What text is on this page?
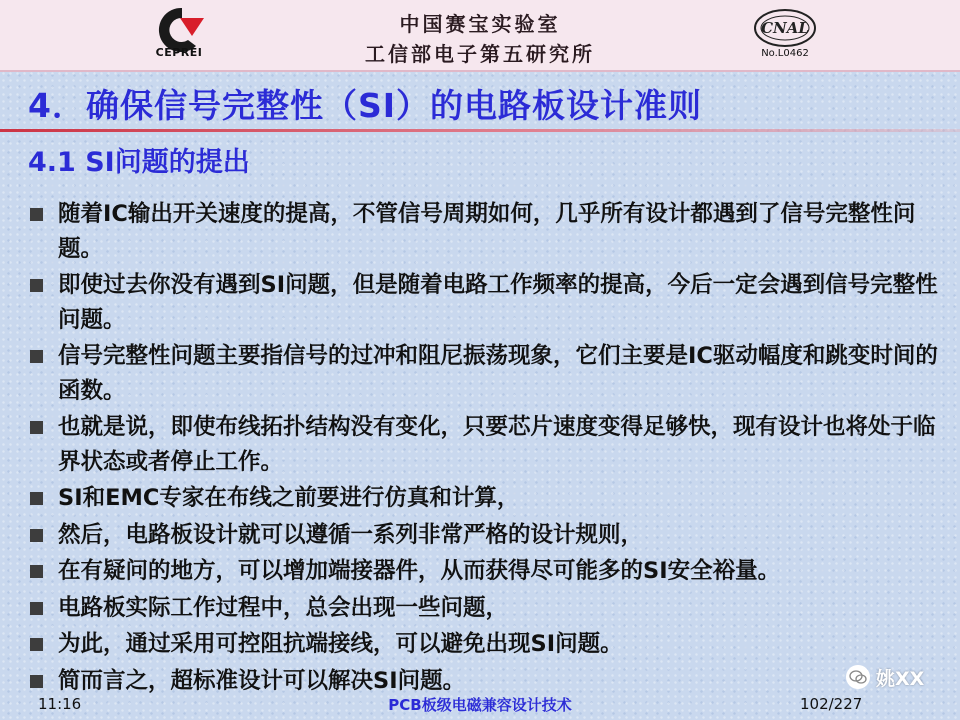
CEPREI
中国赛宝实验室
工信部电子第五研究所
CNAL
No.L0462
4．确保信号完整性（SI）的电路板设计准则
4.1 SI问题的提出
随着IC输出开关速度的提高，不管信号周期如何，几乎所有设计都遇到了信号完整性问题。
即使过去你没有遇到SI问题，但是随着电路工作频率的提高，今后一定会遇到信号完整性问题。
信号完整性问题主要指信号的过冲和阻尼振荡现象，它们主要是IC驱动幅度和跳变时间的函数。
也就是说，即使布线拓扑结构没有变化，只要芯片速度变得足够快，现有设计也将处于临界状态或者停止工作。
SI和EMC专家在布线之前要进行仿真和计算，
然后，电路板设计就可以遵循一系列非常严格的设计规则，
在有疑问的地方，可以增加端接器件，从而获得尽可能多的SI安全裕量。
电路板实际工作过程中，总会出现一些问题，
为此，通过采用可控阻抗端接线，可以避免出现SI问题。
简而言之，超标准设计可以解决SI问题。
11:16	PCB板级电磁兼容设计技术	102/227
姚XX
